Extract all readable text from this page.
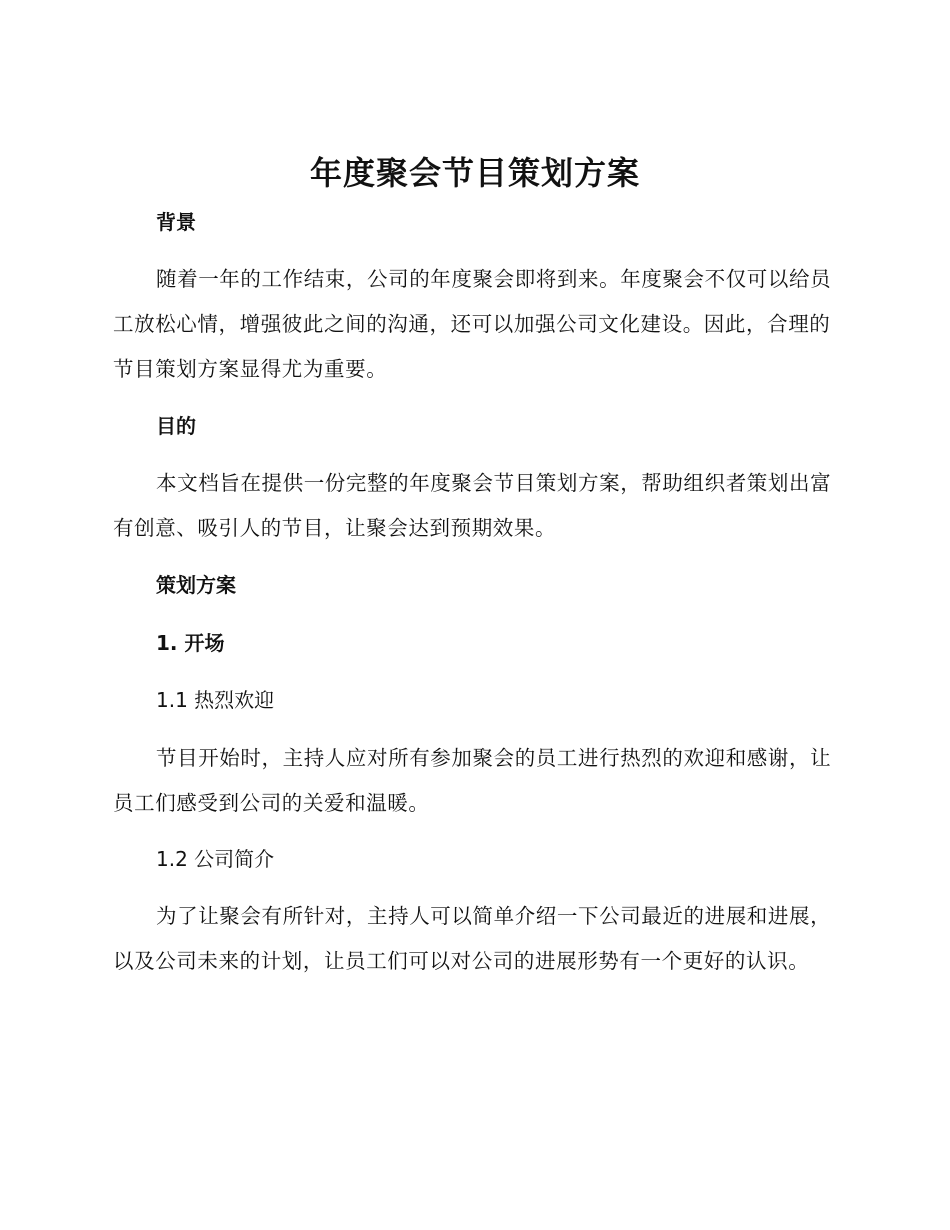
年度聚会节目策划方案
背景

随着一年的工作结束，公司的年度聚会即将到来。年度聚会不仅可以给员工放松心情，增强彼此之间的沟通，还可以加强公司文化建设。因此，合理的节目策划方案显得尤为重要。

目的

本文档旨在提供一份完整的年度聚会节目策划方案，帮助组织者策划出富有创意、吸引人的节目，让聚会达到预期效果。

策划方案
1. 开场
1.1 热烈欢迎

节目开始时，主持人应对所有参加聚会的员工进行热烈的欢迎和感谢，让员工们感受到公司的关爱和温暖。

1.2 公司简介

为了让聚会有所针对，主持人可以简单介绍一下公司最近的进展和进展，以及公司未来的计划，让员工们可以对公司的进展形势有一个更好的认识。
